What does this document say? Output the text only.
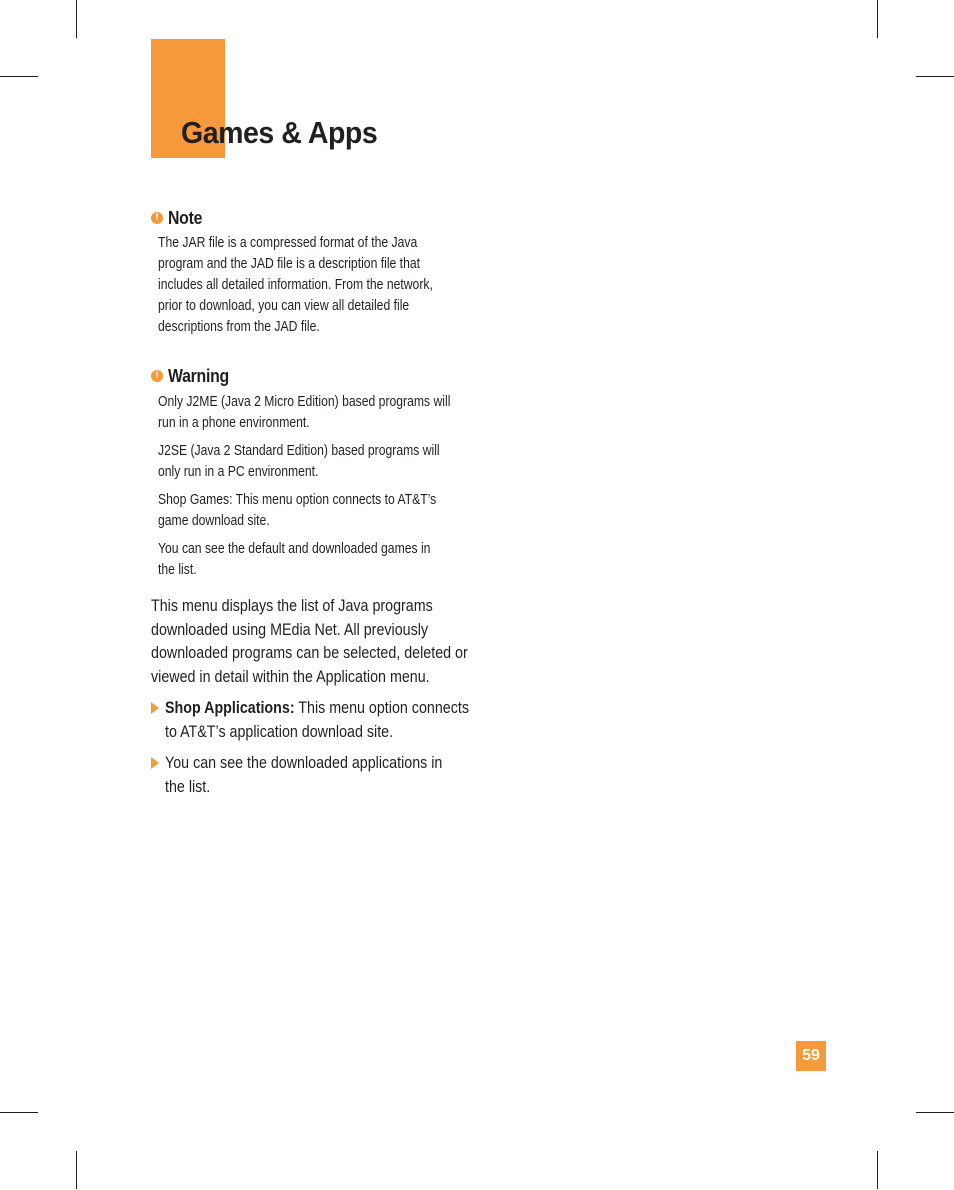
Games & Apps
! Note

The JAR file is a compressed format of the Java program and the JAD file is a description file that includes all detailed information. From the network, prior to download, you can view all detailed file descriptions from the JAD file.

! Warning

Only J2ME (Java 2 Micro Edition) based programs will run in a phone environment.

J2SE (Java 2 Standard Edition) based programs will only run in a PC environment.

Shop Games: This menu option connects to AT&T’s game download site.

You can see the default and downloaded games in the list.

This menu displays the list of Java programs downloaded using MEdia Net. All previously downloaded programs can be selected, deleted or viewed in detail within the Application menu.

Shop Applications: This menu option connects to AT&T’s application download site.

You can see the downloaded applications in the list.

59
